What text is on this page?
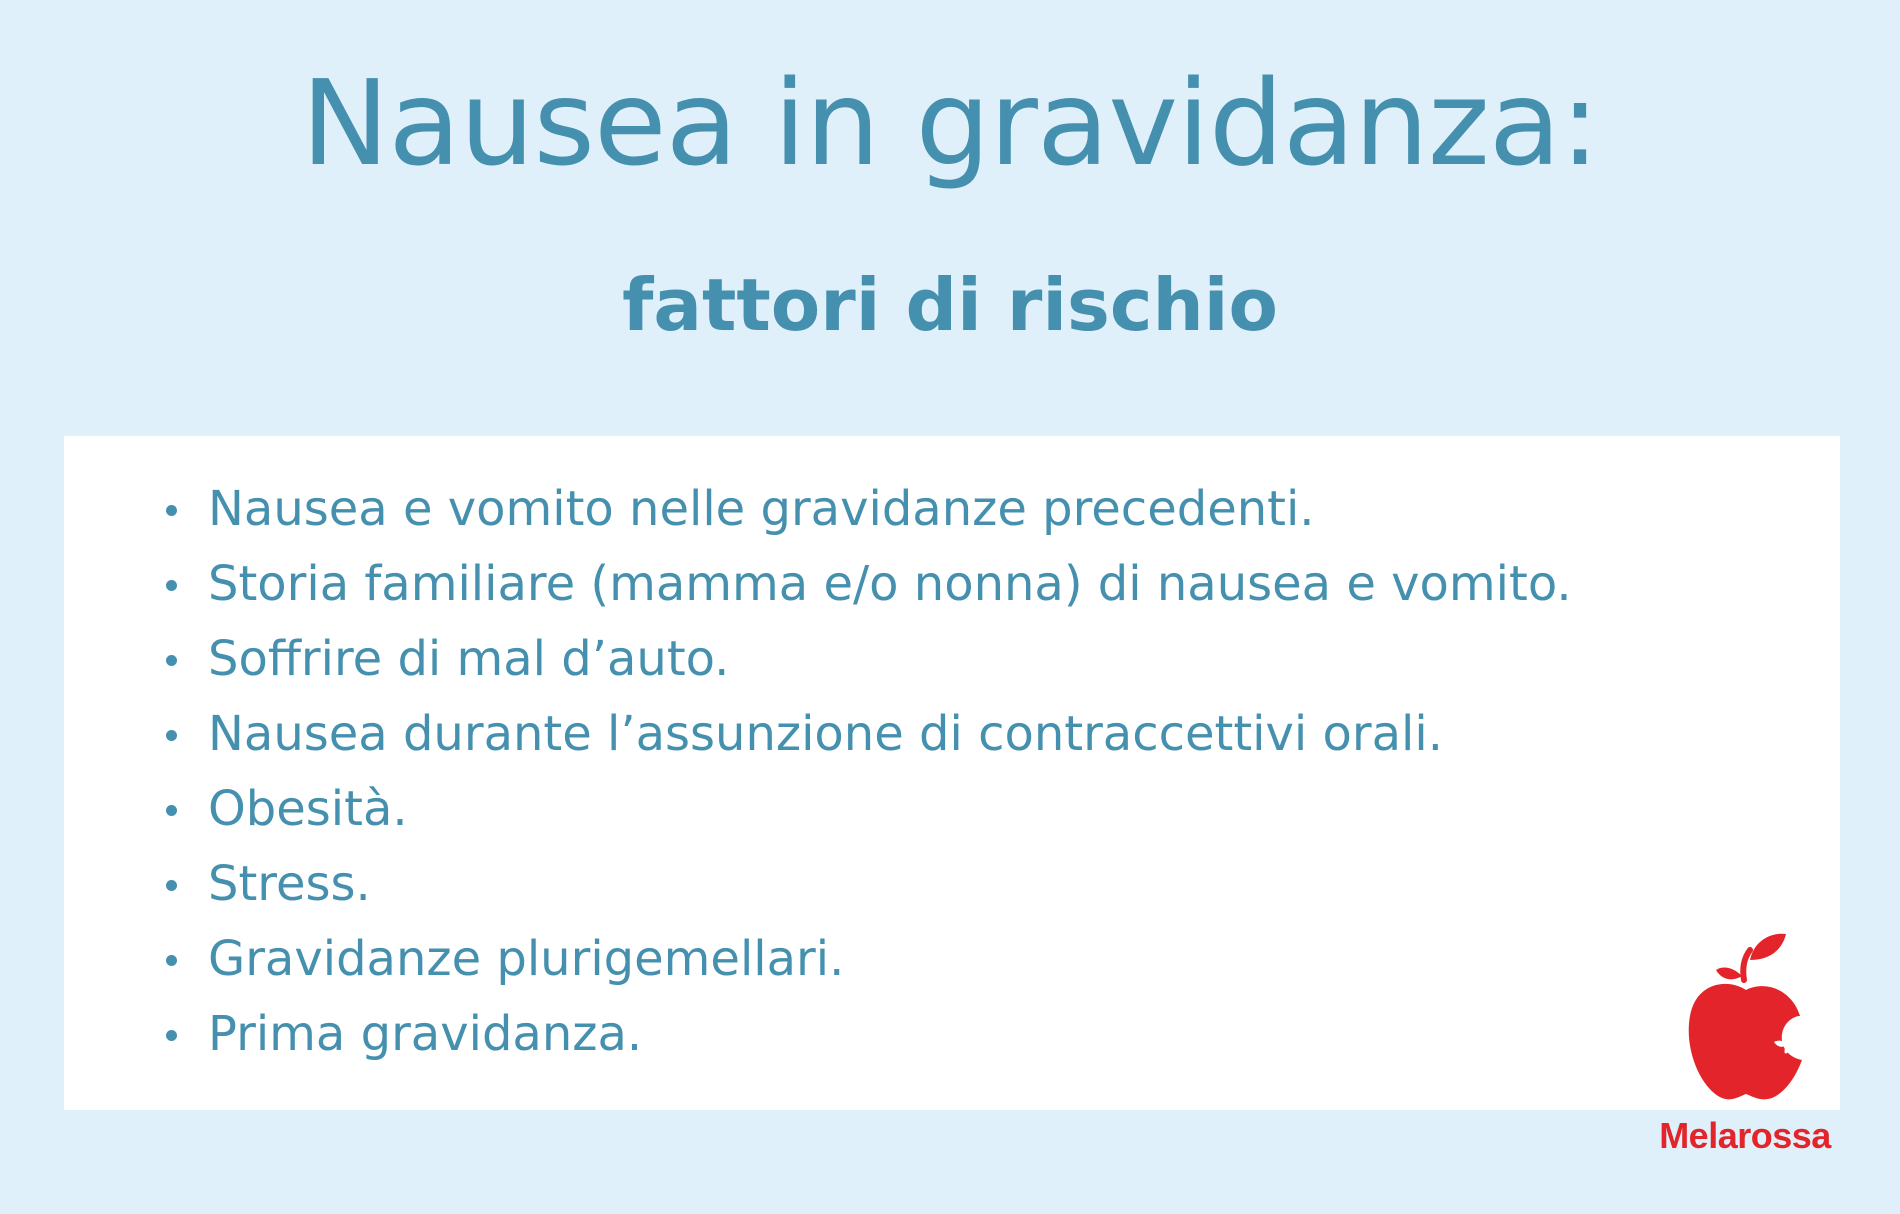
Nausea in gravidanza:
fattori di rischio
Nausea e vomito nelle gravidanze precedenti.
Storia familiare (mamma e/o nonna) di nausea e vomito.
Soffrire di mal d’auto.
Nausea durante l’assunzione di contraccettivi orali.
Obesità.
Stress.
Gravidanze plurigemellari.
Prima gravidanza.
Melarossa
